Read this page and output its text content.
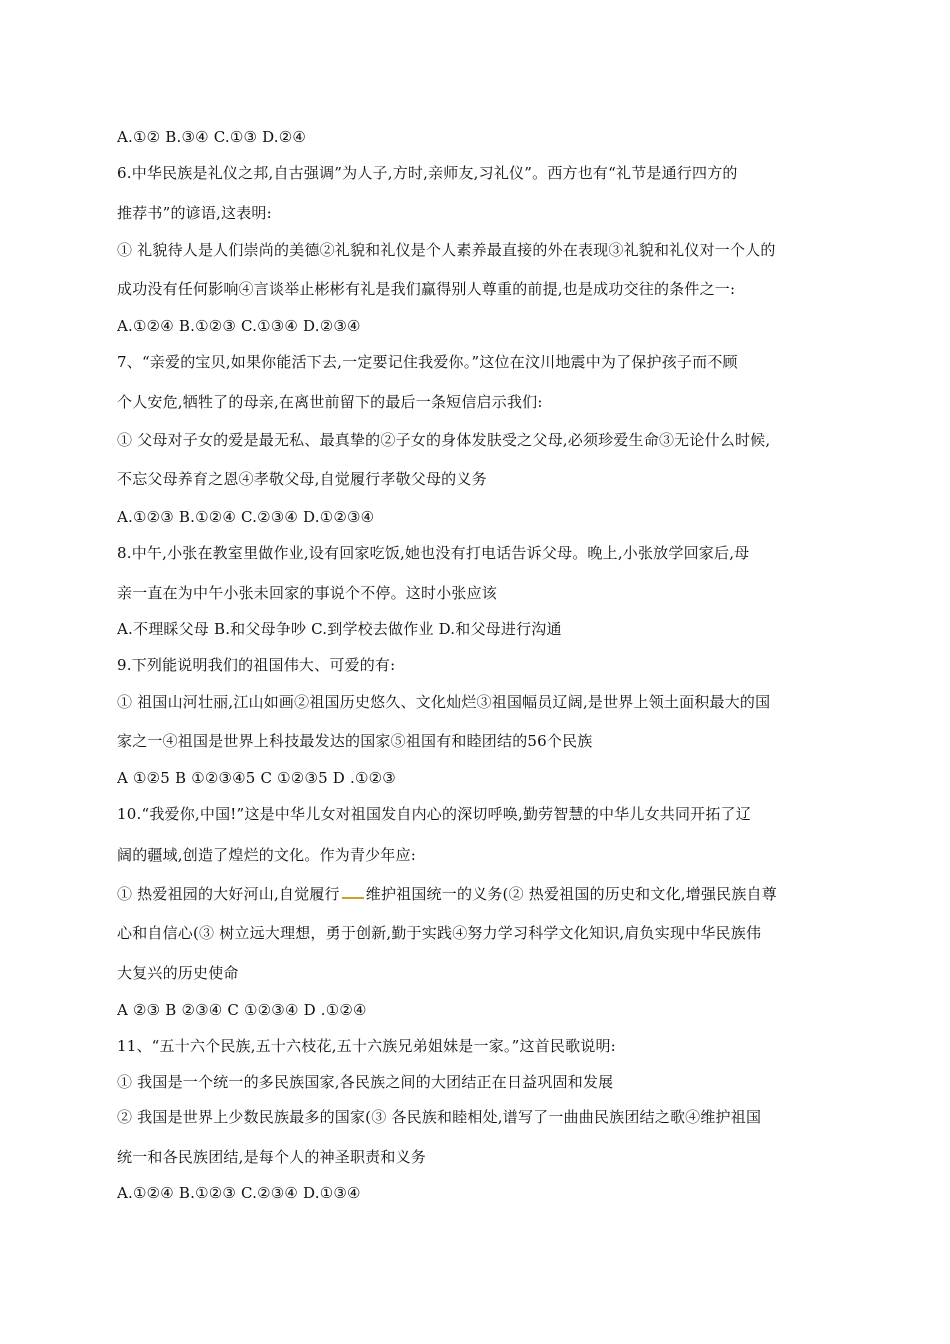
A.①② B.③④ C.①③ D.②④
6.中华民族是礼仪之邦,自古强调”为人子,方时,亲师友,习礼仪”。西方也有“礼节是通行四方的
推荐书”的谚语,这表明:
① 礼貌待人是人们崇尚的美德②礼貌和礼仪是个人素养最直接的外在表现③礼貌和礼仪对一个人的
成功没有任何影响④言谈举止彬彬有礼是我们赢得别人尊重的前提,也是成功交往的条件之一:
A.①②④ B.①②③ C.①③④ D.②③④
7、“亲爱的宝贝,如果你能活下去,一定要记住我爱你。”这位在汶川地震中为了保护孩子而不顾
个人安危,牺牲了的母亲,在离世前留下的最后一条短信启示我们:
① 父母对子女的爱是最无私、最真挚的②子女的身体发肤受之父母,必须珍爱生命③无论什么时候,
不忘父母养育之恩④孝敬父母,自觉履行孝敬父母的义务
A.①②③ B.①②④ C.②③④ D.①②③④
8.中午,小张在教室里做作业,设有回家吃饭,她也没有打电话告诉父母。晚上,小张放学回家后,母
亲一直在为中午小张未回家的事说个不停。这时小张应该
A.不理睬父母 B.和父母争吵 C.到学校去做作业 D.和父母进行沟通
9.下列能说明我们的祖国伟大、可爱的有:
① 祖国山河壮丽,江山如画②祖国历史悠久、文化灿烂③祖国幅员辽阔,是世界上领土面积最大的国
家之一④祖国是世界上科技最发达的国家⑤祖国有和睦团结的56个民族
A ①②5 B ①②③④5 C ①②③5 D .①②③
10.“我爱你,中国!”这是中华儿女对祖国发自内心的深切呼唤,勤劳智慧的中华儿女共同开拓了辽
阔的疆域,创造了煌烂的文化。作为青少年应:
① 热爱祖园的大好河山,自觉履行 维护祖国统一的义务(② 热爱祖国的历史和文化,增强民族自尊
心和自信心(③ 树立远大理想，勇于创新,勤于实践④努力学习科学文化知识,肩负实现中华民族伟
大复兴的历史使命
A ②③ B ②③④ C ①②③④ D .①②④
11、“五十六个民族,五十六枝花,五十六族兄弟姐妹是一家。”这首民歌说明:
① 我国是一个统一的多民族国家,各民族之间的大团结正在日益巩固和发展
② 我国是世界上少数民族最多的国家(③ 各民族和睦相处,谱写了一曲曲民族团结之歌④维护祖国
统一和各民族团结,是每个人的神圣职责和义务
A.①②④ B.①②③ C.②③④ D.①③④
